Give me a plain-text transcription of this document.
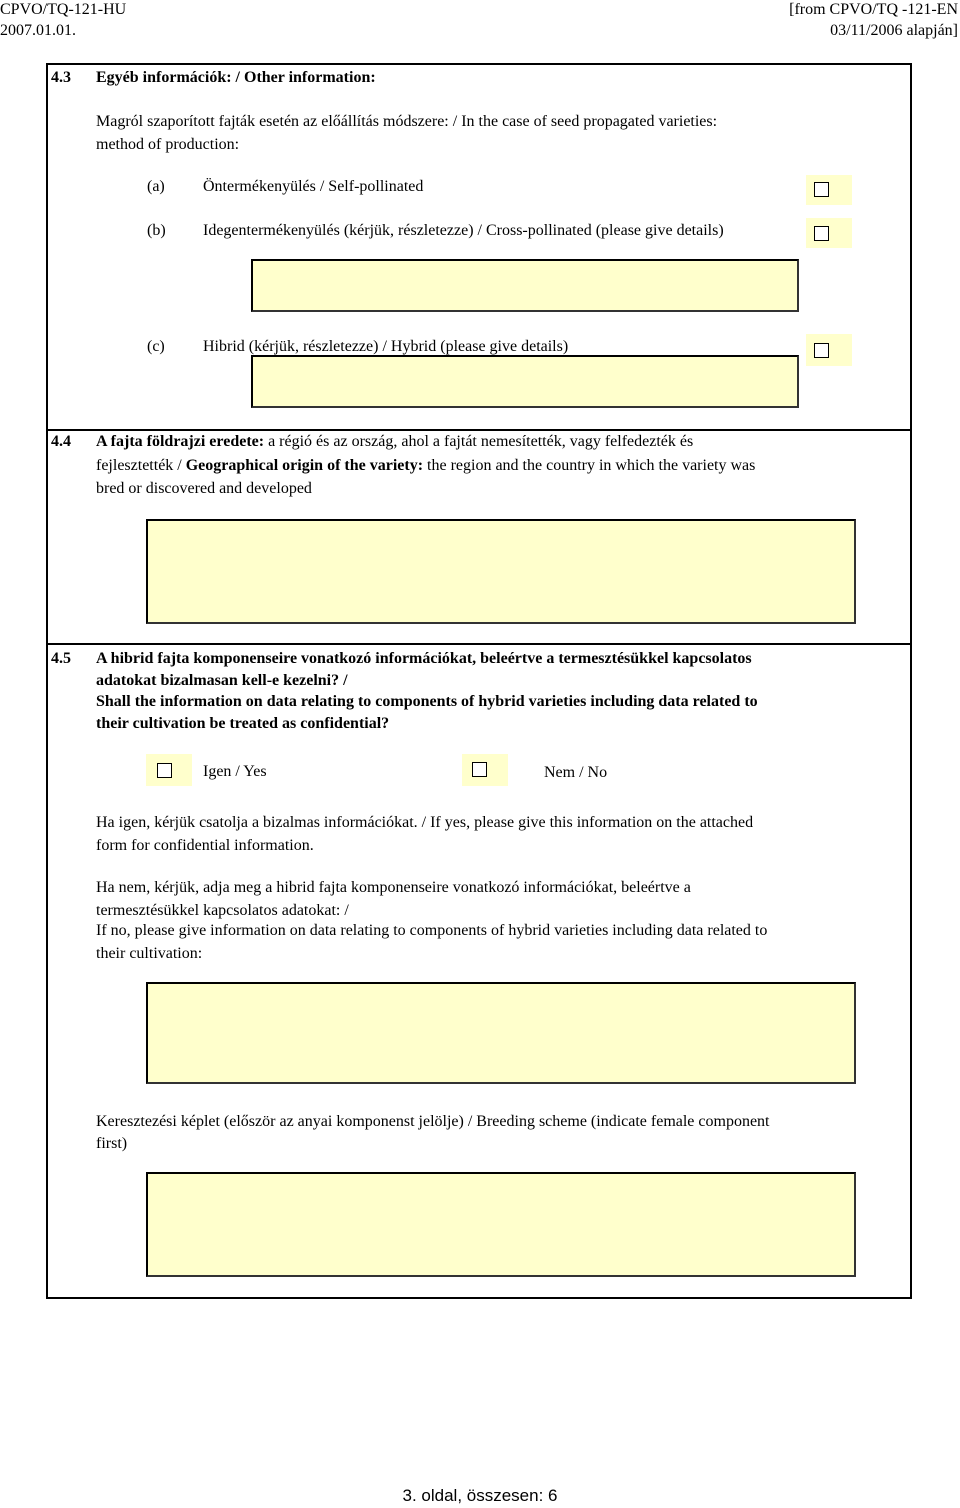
CPVO/TQ-121-HU
2007.01.01.
[from CPVO/TQ -121-EN
03/11/2006 alapján]
4.3 Egyéb információk: / Other information:
Magról szaporított fajták esetén az előállítás módszere: / In the case of seed propagated varieties:
method of production:
(a) Öntermékenyülés / Self-pollinated
(b) Idegentermékenyülés (kérjük, részletezze) / Cross-pollinated (please give details)
(c) Hibrid (kérjük, részletezze) / Hybrid (please give details)
4.4 A fajta földrajzi eredete: a régió és az ország, ahol a fajtát nemesítették, vagy felfedezték és
fejlesztették / Geographical origin of the variety: the region and the country in which the variety was
bred or discovered and developed
4.5 A hibrid fajta komponenseire vonatkozó információkat, beleértve a termesztésükkel kapcsolatos
adatokat bizalmasan kell-e kezelni? /
Shall the information on data relating to components of hybrid varieties including data related to
their cultivation be treated as confidential?
Igen / Yes	Nem / No
Ha igen, kérjük csatolja a bizalmas információkat. / If yes, please give this information on the attached
form for confidential information.
Ha nem, kérjük, adja meg a hibrid fajta komponenseire vonatkozó információkat, beleértve a
termesztésükkel kapcsolatos adatokat: /
If no, please give information on data relating to components of hybrid varieties including data related to
their cultivation:
Keresztezési képlet (először az anyai komponenst jelölje) / Breeding scheme (indicate female component
first)
3. oldal, összesen: 6
